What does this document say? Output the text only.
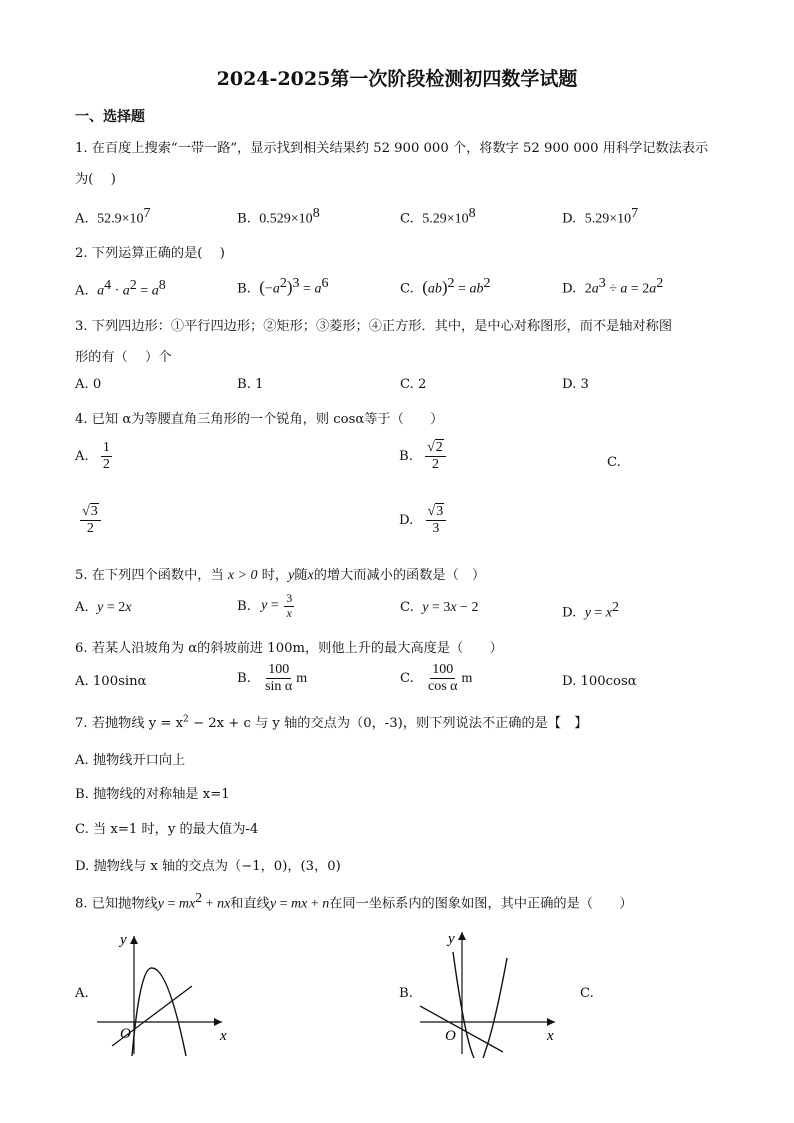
2024-2025第一次阶段检测初四数学试题
一、选择题
1. 在百度上搜索“一带一路”，显示找到相关结果约 52 900 000 个，将数字 52 900 000 用科学记数法表示
为(　 )
A. $52.9\times 10^7$	B. $0.529\times 10^8$	C. $5.29\times 10^8$	D. $5.29\times 10^7$
2. 下列运算正确的是(　 )
A. $a^4 \cdot a^2 = a^8$	B. $(-a^2)^3 = a^6$	C. $(ab)^2 = ab^2$	D. $2a^3 \div a = 2a^2$
3. 下列四边形：①平行四边形；②矩形；③菱形；④正方形．其中，是中心对称图形，而不是轴对称图
形的有（　 ）个
A. 0	B. 1	C. 2	D. 3
4. 已知 α为等腰直角三角形的一个锐角，则 cosα等于（　　）
A.
$\frac{1}{2}$	B.
$\frac{√2}{2}$	C.
$\frac{√3}{2}$	D.
$\frac{√3}{3}$
5. 在下列四个函数中，当 x > 0 时，y随x的增大而减小的函数是（　）
A. y = 2x	B.
$y = \frac{3}{x}$	C. y = 3x − 2	D. $y = x^2$
6. 若某人沿坡角为 α的斜坡前进 100m，则他上升的最大高度是（　　）
A. 100sinα	B.
$\frac{100}{\text{sin α}}$ m	C.
$\frac{100}{\text{cos α}}$ m	D. 100cosα
7. 若抛物线 $y = x^2 - 2x + c$ 与 y 轴的交点为（0，-3)，则下列说法不正确的是【　】
A. 抛物线开口向上
B. 抛物线的对称轴是 x=1
C. 当 x=1 时，y 的最大值为-4
D. 抛物线与 x 轴的交点为（−1，0)，(3，0)
8. 已知抛物线$y = mx^2$ + nx和直线y = mx + n在同一坐标系内的图象如图，其中正确的是（　　）
A.
y
x
O
B.
y
x
O
C.
